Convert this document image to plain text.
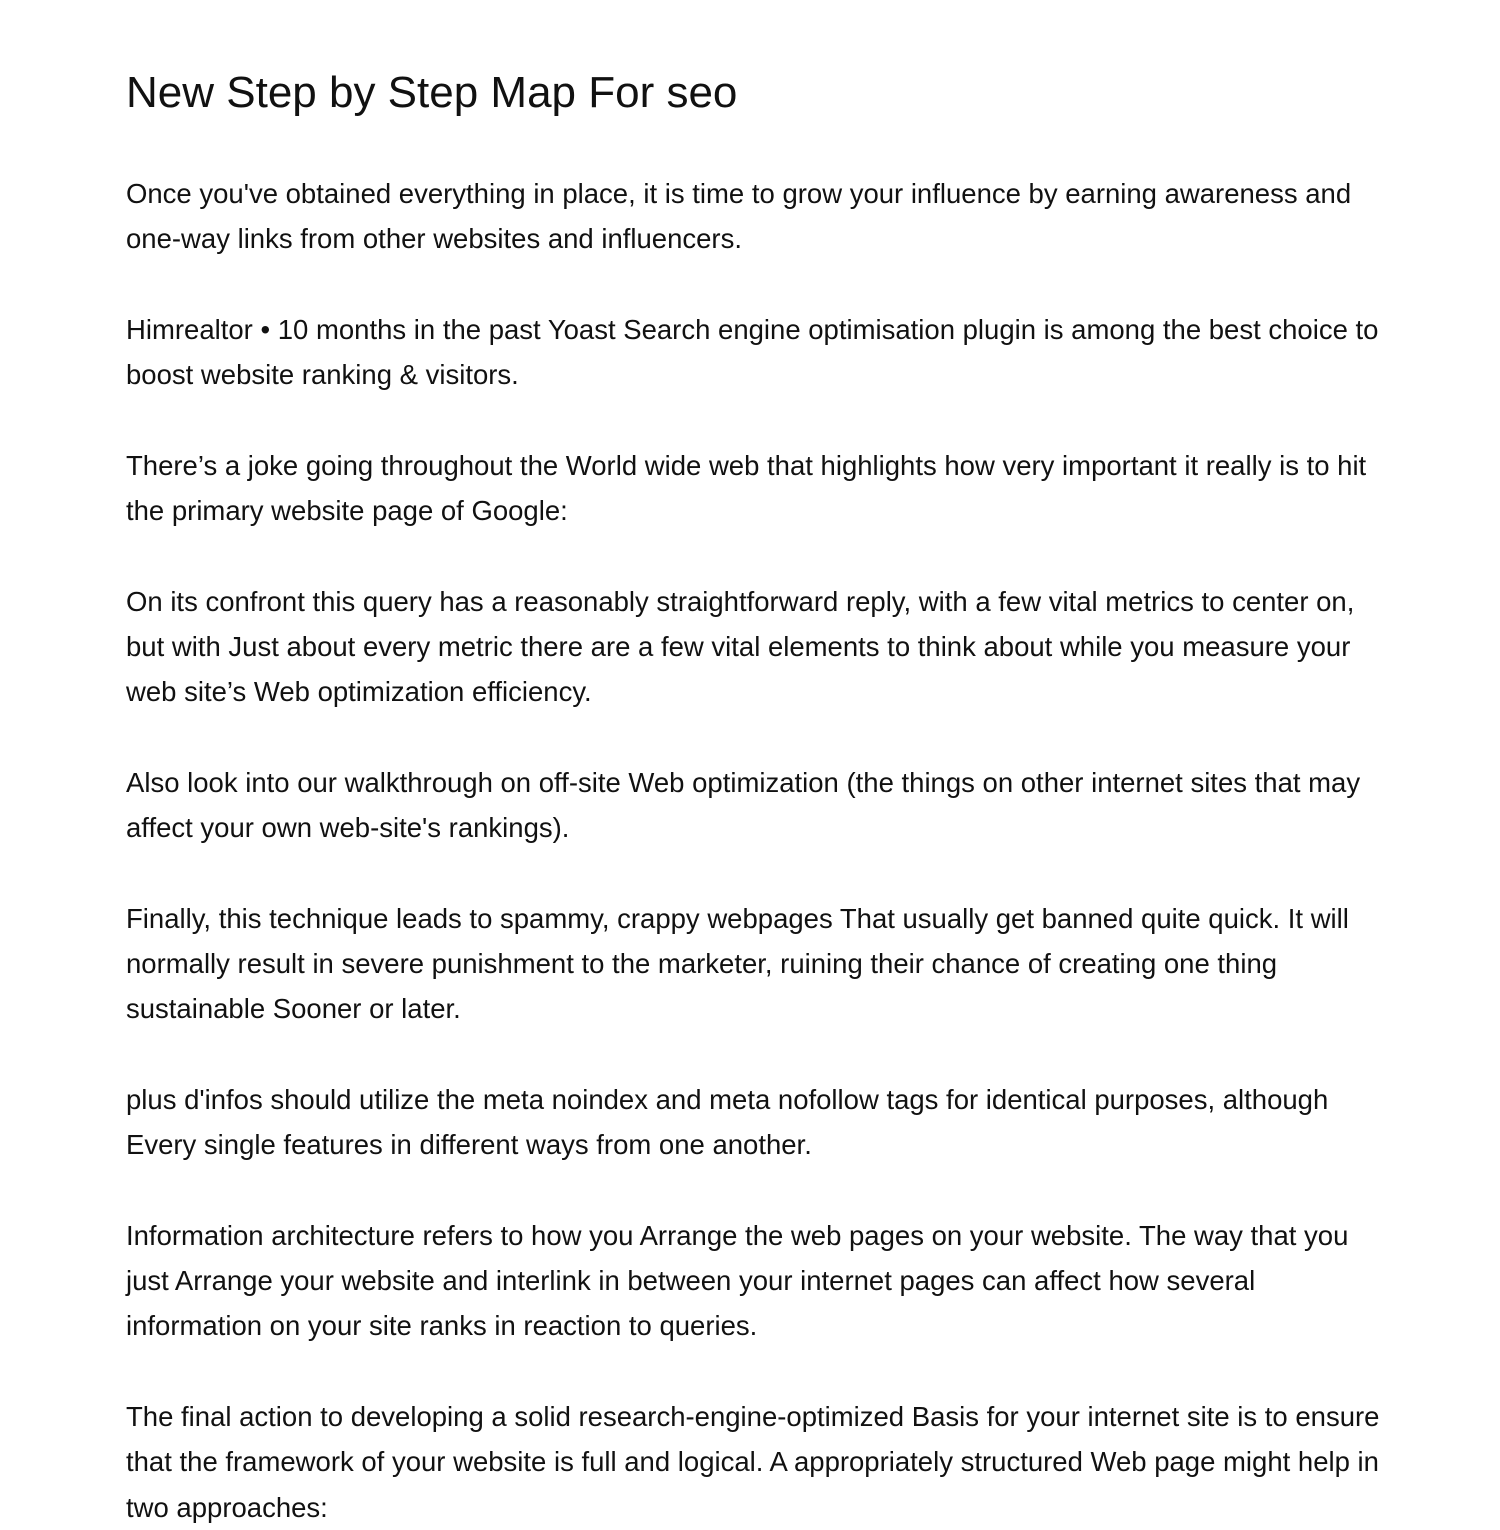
New Step by Step Map For seo

Once you've obtained everything in place, it is time to grow your influence by earning awareness and one-way links from other websites and influencers.

Himrealtor • 10 months in the past Yoast Search engine optimisation plugin is among the best choice to boost website ranking & visitors.

There’s a joke going throughout the World wide web that highlights how very important it really is to hit the primary website page of Google:

On its confront this query has a reasonably straightforward reply, with a few vital metrics to center on, but with Just about every metric there are a few vital elements to think about while you measure your web site’s Web optimization efficiency.

Also look into our walkthrough on off-site Web optimization (the things on other internet sites that may affect your own web-site's rankings).

Finally, this technique leads to spammy, crappy webpages That usually get banned quite quick. It will normally result in severe punishment to the marketer, ruining their chance of creating one thing sustainable Sooner or later.

plus d'infos should utilize the meta noindex and meta nofollow tags for identical purposes, although Every single features in different ways from one another.

Information architecture refers to how you Arrange the web pages on your website. The way that you just Arrange your website and interlink in between your internet pages can affect how several information on your site ranks in reaction to queries.

The final action to developing a solid research-engine-optimized Basis for your internet site is to ensure that the framework of your website is full and logical. A appropriately structured Web page might help in two approaches:
